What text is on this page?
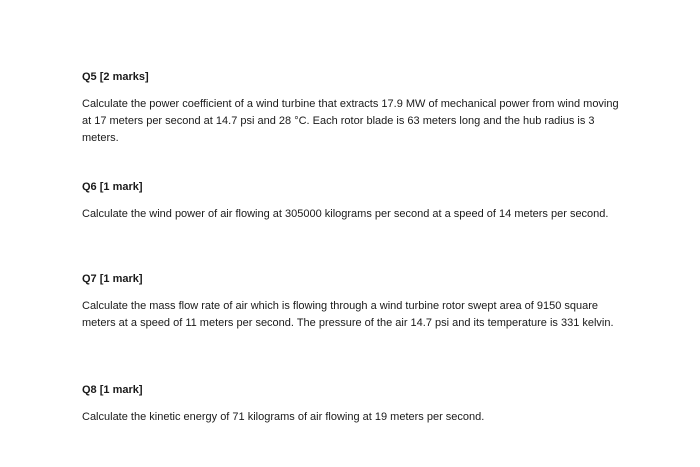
Q5 [2 marks]

Calculate the power coefficient of a wind turbine that extracts 17.9 MW of mechanical power from wind moving at 17 meters per second at 14.7 psi and 28 °C. Each rotor blade is 63 meters long and the hub radius is 3 meters.

Q6 [1 mark]

Calculate the wind power of air flowing at 305000 kilograms per second at a speed of 14 meters per second.

Q7 [1 mark]

Calculate the mass flow rate of air which is flowing through a wind turbine rotor swept area of 9150 square meters at a speed of 11 meters per second. The pressure of the air 14.7 psi and its temperature is 331 kelvin.

Q8 [1 mark]

Calculate the kinetic energy of 71 kilograms of air flowing at 19 meters per second.
